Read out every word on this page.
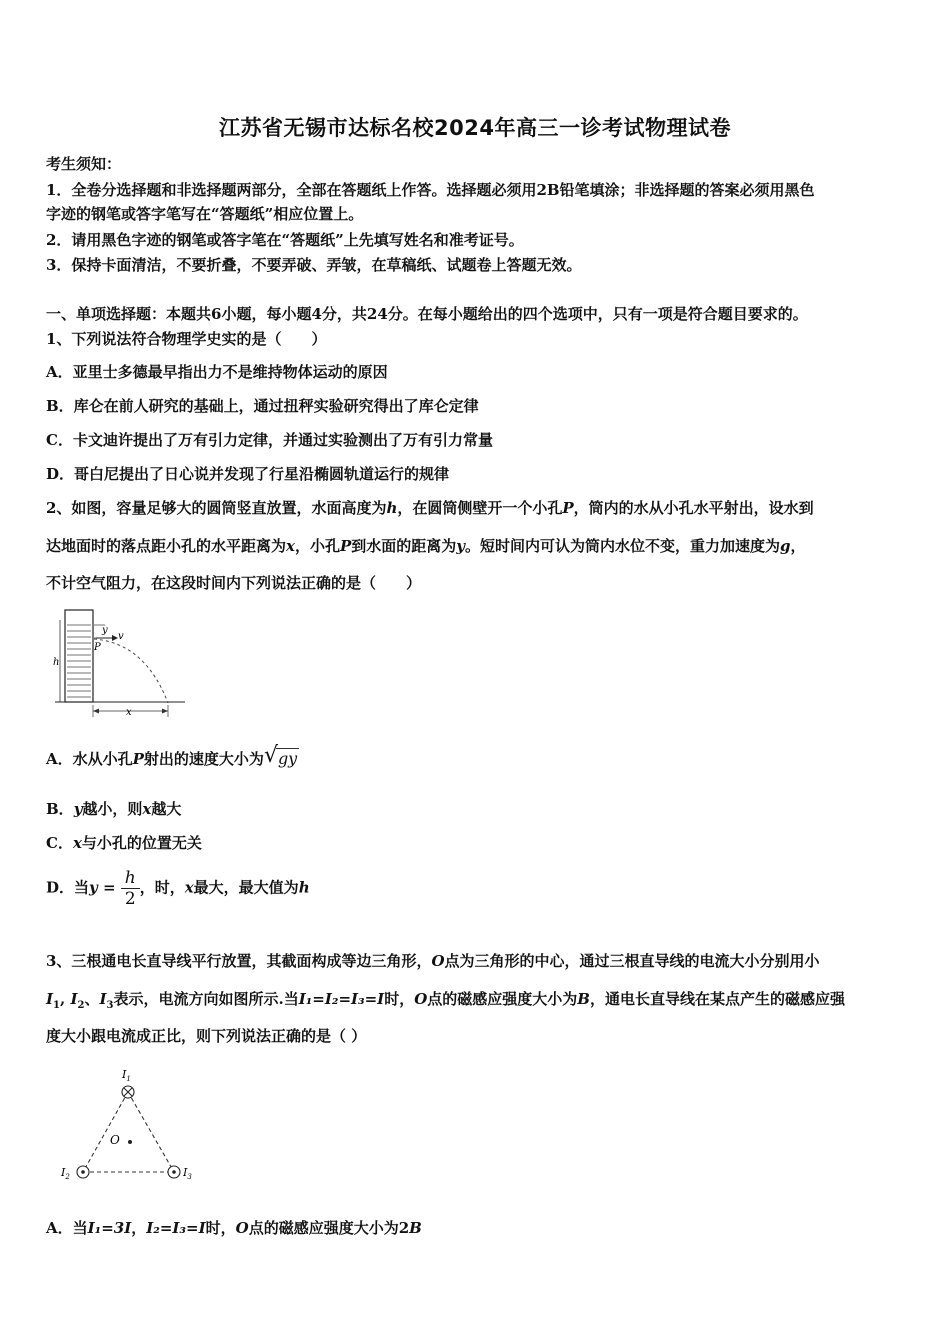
江苏省无锡市达标名校2024年高三一诊考试物理试卷
考生须知：
1．全卷分选择题和非选择题两部分，全部在答题纸上作答。选择题必须用2B铅笔填涂；非选择题的答案必须用黑色
字迹的钢笔或答字笔写在“答题纸”相应位置上。
2．请用黑色字迹的钢笔或答字笔在“答题纸”上先填写姓名和准考证号。
3．保持卡面清洁，不要折叠，不要弄破、弄皱，在草稿纸、试题卷上答题无效。
一、单项选择题：本题共6小题，每小题4分，共24分。在每小题给出的四个选项中，只有一项是符合题目要求的。
1、下列说法符合物理学史实的是（　　）
A．亚里士多德最早指出力不是维持物体运动的原因
B．库仑在前人研究的基础上，通过扭秤实验研究得出了库仑定律
C．卡文迪许提出了万有引力定律，并通过实验测出了万有引力常量
D．哥白尼提出了日心说并发现了行星沿椭圆轨道运行的规律
2、如图，容量足够大的圆筒竖直放置，水面高度为h，在圆筒侧壁开一个小孔P，筒内的水从小孔水平射出，设水到
达地面时的落点距小孔的水平距离为x，小孔P到水面的距离为y。短时间内可认为筒内水位不变，重力加速度为g，
不计空气阻力，在这段时间内下列说法正确的是（　　）
h
y
v
P
x
A．水从小孔P射出的速度大小为 √ gy
B．y越小，则x越大
C．x与小孔的位置无关
D．当$y = \frac{h}{2}$ ，时，x最大，最大值为h
3、三根通电长直导线平行放置，其截面构成等边三角形，O点为三角形的中心，通过三根直导线的电流大小分别用小
$I_1$, $I_2$、$I_3$表示，电流方向如图所示.当I₁=I₂=I₃=I时，O点的磁感应强度大小为B，通电长直导线在某点产生的磁感应强
度大小跟电流成正比，则下列说法正确的是（ ）
O
$I_1$
$I_2$	$I_3$
A．当I₁=3I，I₂=I₃=I时，O点的磁感应强度大小为2B
